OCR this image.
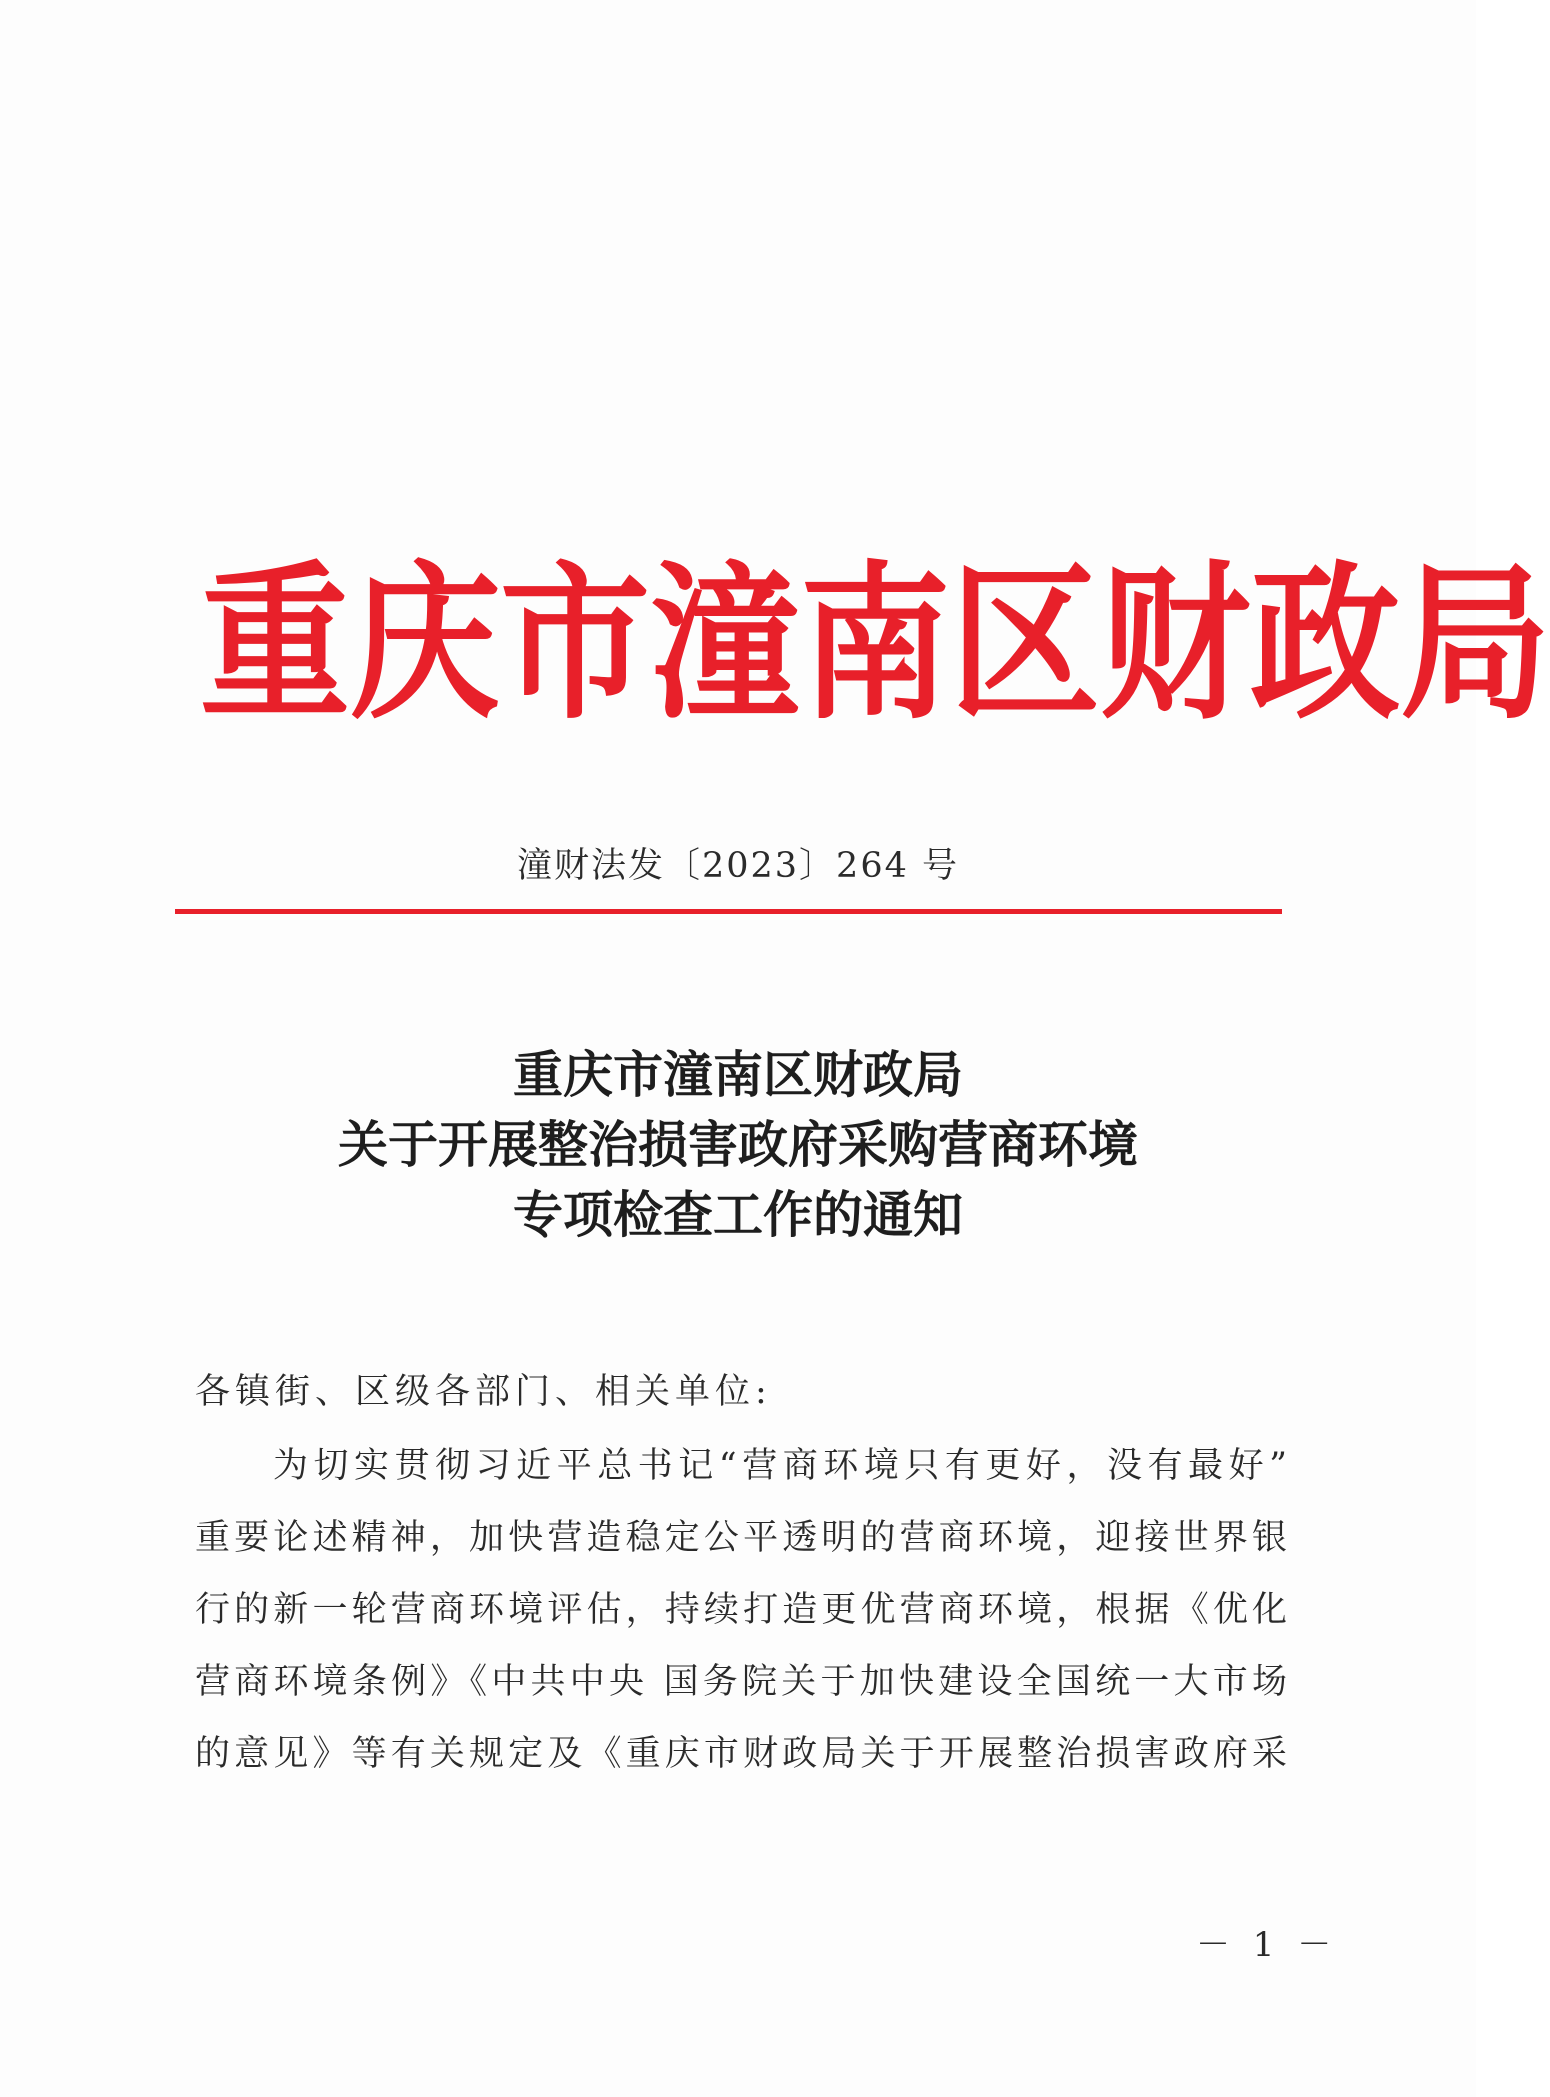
重 庆 市 潼 南 区 财 政 局
潼财法发〔2023〕264 号
重庆市潼南区财政局
关于开展整治损害政府采购营商环境
专项检查工作的通知
各镇街、区级各部门、相关单位:
为切实贯彻习近平总书记“营商环境只有更好，没有最好”
重要论述精神，加快营造稳定公平透明的营商环境，迎接世界银
行的新一轮营商环境评估，持续打造更优营商环境，根据《优化
营商环境条例》《中共中央 国务院关于加快建设全国统一大市场
的意见》等有关规定及《重庆市财政局关于开展整治损害政府采
－ 1 －
